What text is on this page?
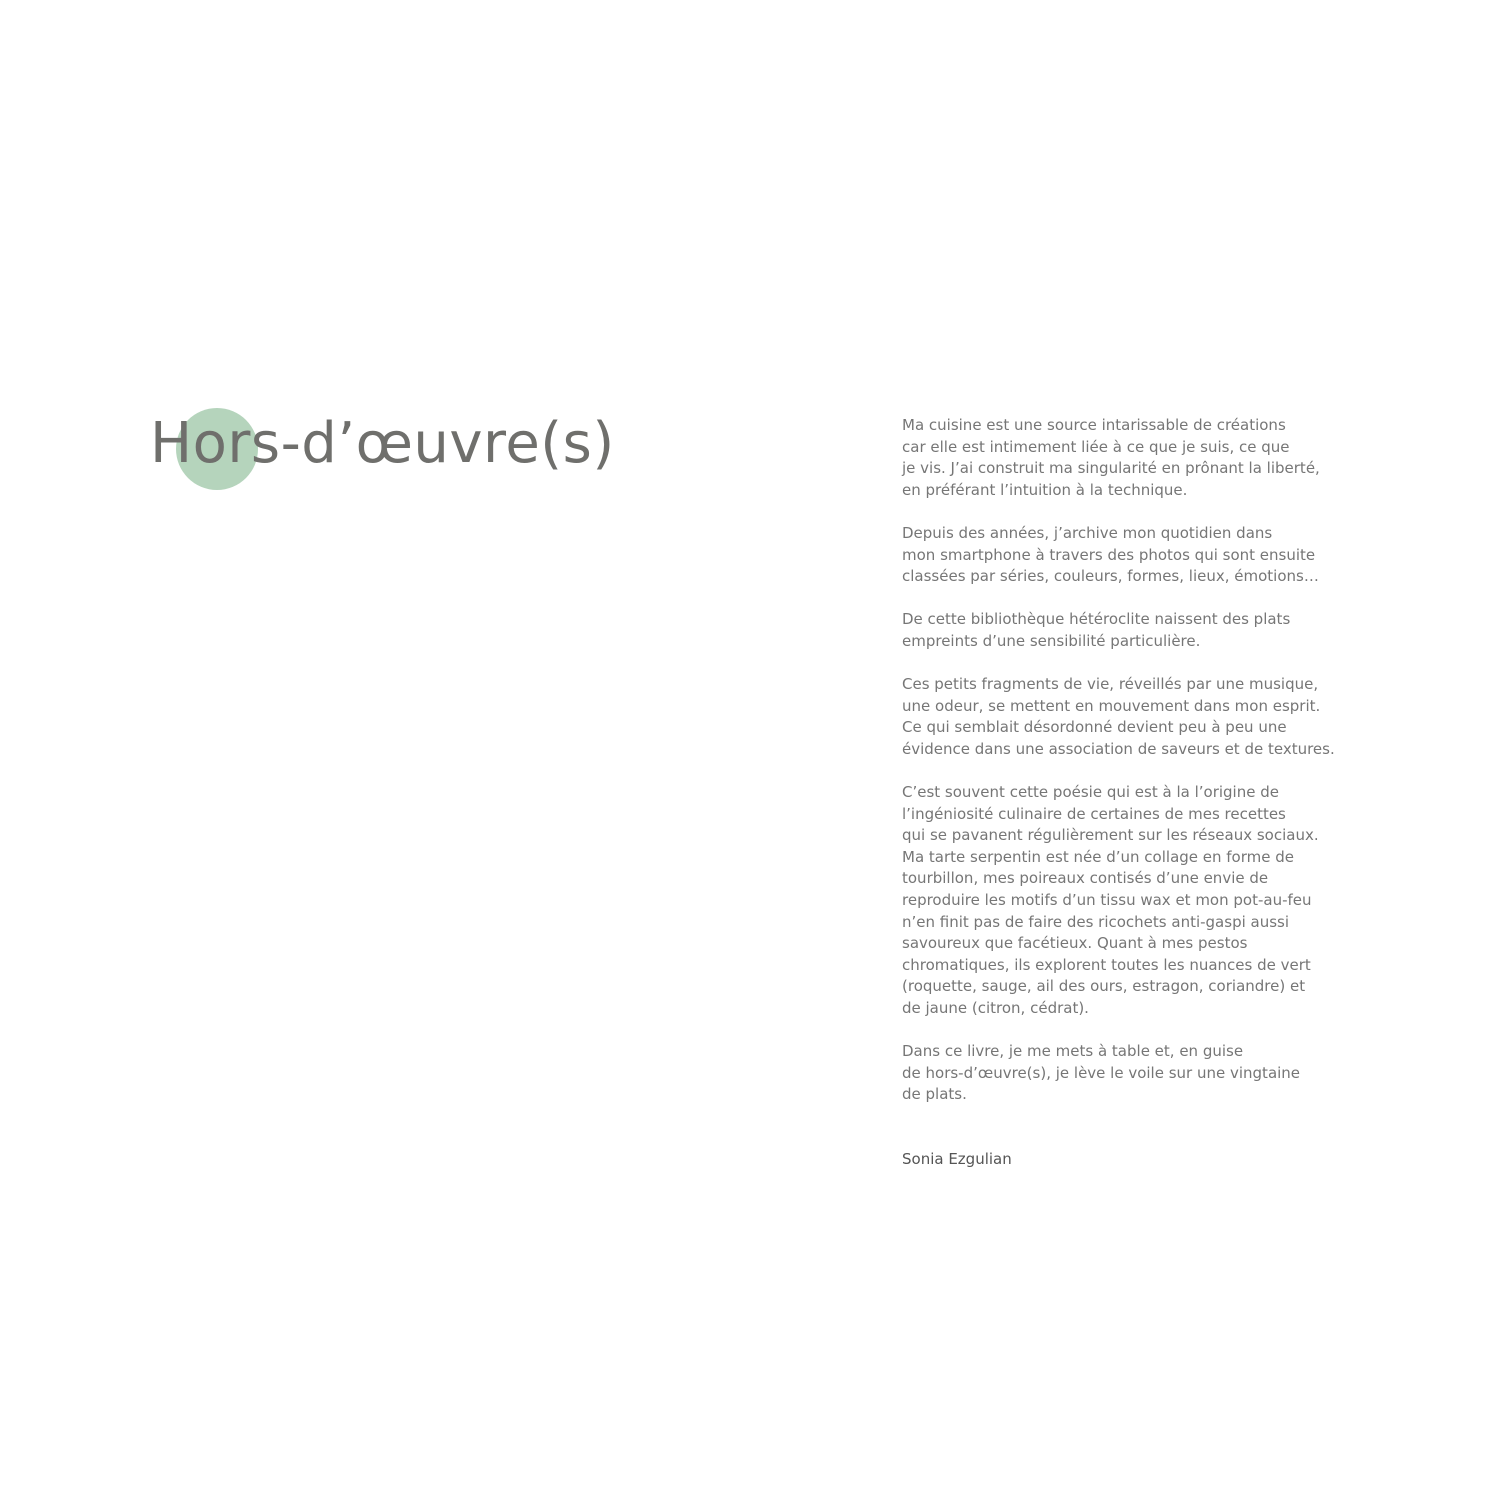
Hors-d’œuvre(s)	Ma cuisine est une source intarissable de créations
car elle est intimement liée à ce que je suis, ce que
je vis. J’ai construit ma singularité en prônant la liberté,
en préférant l’intuition à la technique.

Depuis des années, j’archive mon quotidien dans
mon smartphone à travers des photos qui sont ensuite
classées par séries, couleurs, formes, lieux, émotions…

De cette bibliothèque hétéroclite naissent des plats
empreints d’une sensibilité particulière.

Ces petits fragments de vie, réveillés par une musique,
une odeur, se mettent en mouvement dans mon esprit.
Ce qui semblait désordonné devient peu à peu une
évidence dans une association de saveurs et de textures.

C’est souvent cette poésie qui est à la l’origine de
l’ingéniosité culinaire de certaines de mes recettes
qui se pavanent régulièrement sur les réseaux sociaux.
Ma tarte serpentin est née d’un collage en forme de
tourbillon, mes poireaux contisés d’une envie de
reproduire les motifs d’un tissu wax et mon pot-au-feu
n’en finit pas de faire des ricochets anti-gaspi aussi
savoureux que facétieux. Quant à mes pestos
chromatiques, ils explorent toutes les nuances de vert
(roquette, sauge, ail des ours, estragon, coriandre) et
de jaune (citron, cédrat).

Dans ce livre, je me mets à table et, en guise
de hors-d’œuvre(s), je lève le voile sur une vingtaine
de plats.

Sonia Ezgulian
